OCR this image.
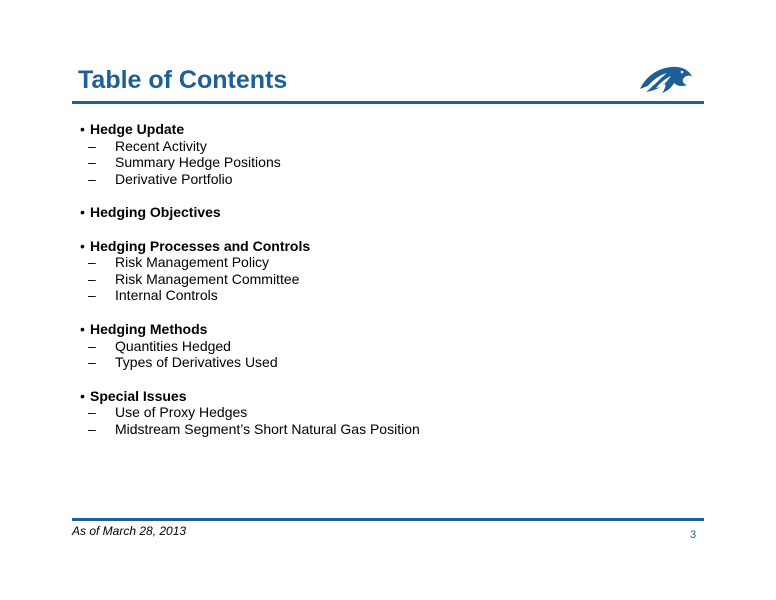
Table of Contents
• Hedge Update
– Recent Activity
– Summary Hedge Positions
– Derivative Portfolio
• Hedging Objectives
• Hedging Processes and Controls
– Risk Management Policy
– Risk Management Committee
– Internal Controls
• Hedging Methods
– Quantities Hedged
– Types of Derivatives Used
• Special Issues
– Use of Proxy Hedges
– Midstream Segment’s Short Natural Gas Position
As of March 28, 2013	3
